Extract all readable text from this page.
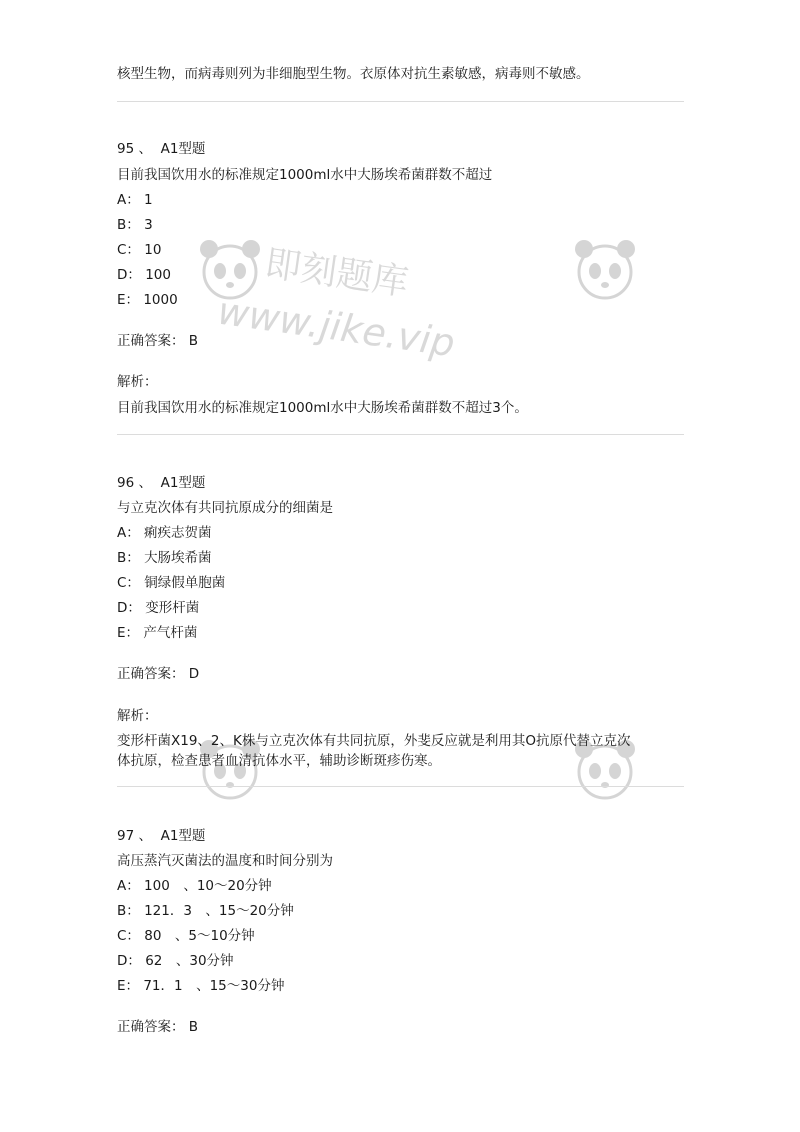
即刻题库
www.jike.vip
核型生物，而病毒则列为非细胞型生物。衣原体对抗生素敏感，病毒则不敏感。
95 、 A1型题
目前我国饮用水的标准规定1000ml水中大肠埃希菌群数不超过
A： 1
B： 3
C： 10
D： 100
E： 1000
正确答案： B
解析：
目前我国饮用水的标准规定1000ml水中大肠埃希菌群数不超过3个。
96 、 A1型题
与立克次体有共同抗原成分的细菌是
A： 痢疾志贺菌
B： 大肠埃希菌
C： 铜绿假单胞菌
D： 变形杆菌
E： 产气杆菌
正确答案： D
解析：
变形杆菌X19、2、K株与立克次体有共同抗原，外斐反应就是利用其O抗原代替立克次
体抗原，检查患者血清抗体水平，辅助诊断斑疹伤寒。
97 、 A1型题
高压蒸汽灭菌法的温度和时间分别为
A： 100　、10～20分钟
B： 121．3　、15～20分钟
C： 80　、5～10分钟
D： 62　、30分钟
E： 71．1　、15～30分钟
正确答案： B
